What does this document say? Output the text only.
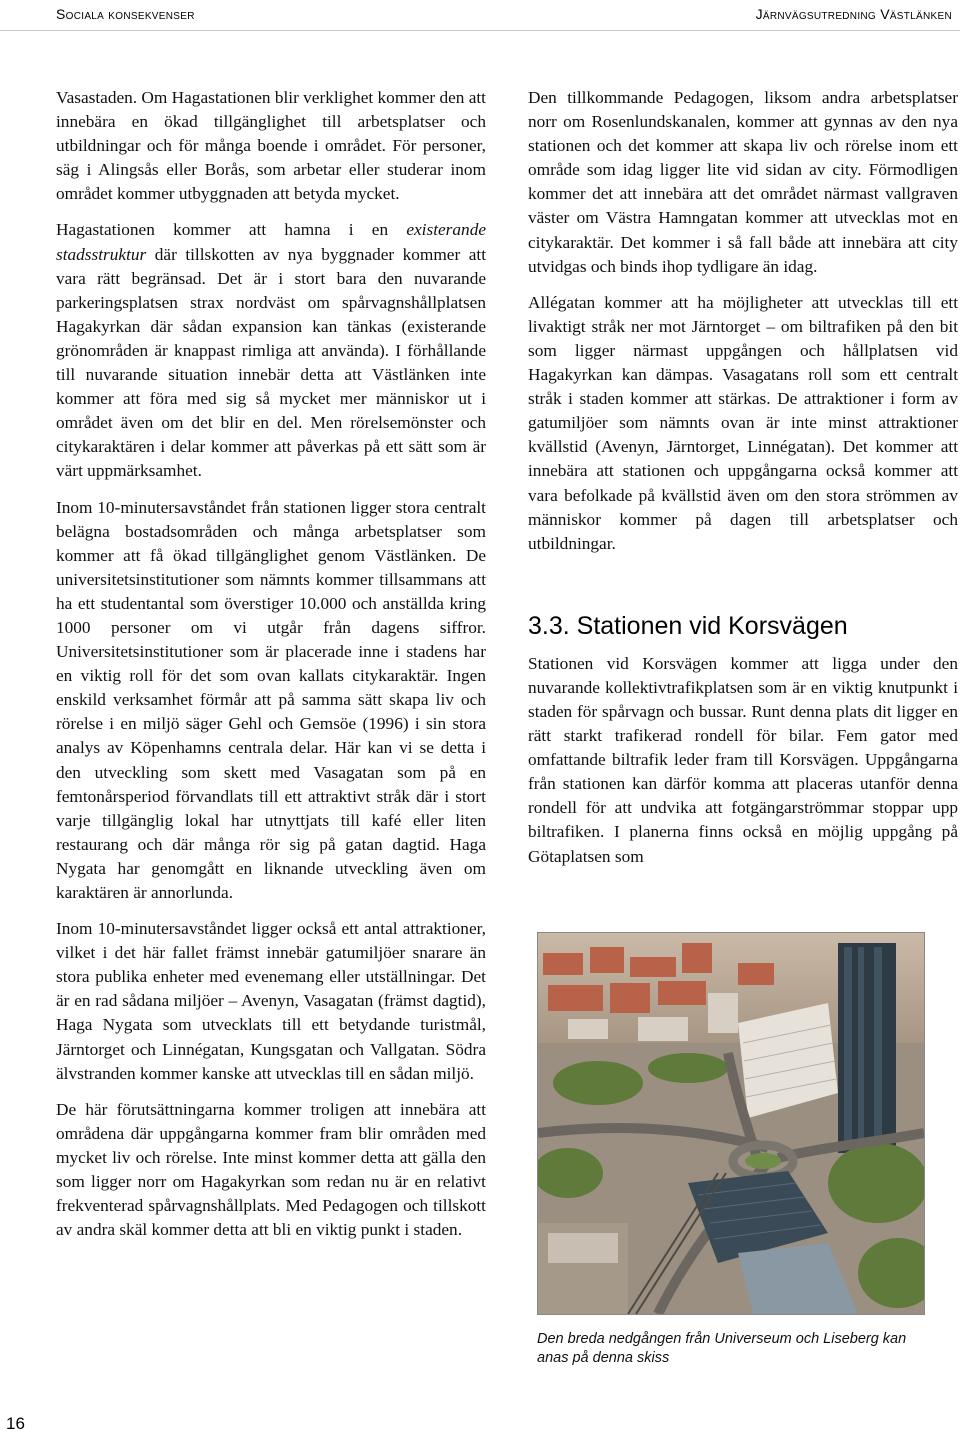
Sociala konsekvenser	Järnvägsutredning Västlänken

Vasastaden. Om Hagastationen blir verklighet kommer den att innebära en ökad tillgänglighet till arbetsplatser och utbildningar och för många boende i området. För personer, säg i Alingsås eller Borås, som arbetar eller studerar inom området kommer utbyggnaden att betyda mycket.

Hagastationen kommer att hamna i en existerande stadsstruktur där tillskotten av nya byggnader kommer att vara rätt begränsad. Det är i stort bara den nuvarande parkeringsplatsen strax nordväst om spårvagnshållplatsen Hagakyrkan där sådan expansion kan tänkas (existerande grönområden är knappast rimliga att använda). I förhållande till nuvarande situation innebär detta att Västlänken inte kommer att föra med sig så mycket mer människor ut i området även om det blir en del. Men rörelsemönster och citykaraktären i delar kommer att påverkas på ett sätt som är värt uppmärksamhet.

Inom 10-minutersavståndet från stationen ligger stora centralt belägna bostadsområden och många arbetsplatser som kommer att få ökad tillgänglighet genom Västlänken. De universitetsinstitutioner som nämnts kommer tillsammans att ha ett studentantal som överstiger 10.000 och anställda kring 1000 personer om vi utgår från dagens siffror. Universitetsinstitutioner som är placerade inne i stadens har en viktig roll för det som ovan kallats citykaraktär. Ingen enskild verksamhet förmår att på samma sätt skapa liv och rörelse i en miljö säger Gehl och Gemsöe (1996) i sin stora analys av Köpenhamns centrala delar. Här kan vi se detta i den utveckling som skett med Vasagatan som på en femtonårsperiod förvandlats till ett attraktivt stråk där i stort varje tillgänglig lokal har utnyttjats till kafé eller liten restaurang och där många rör sig på gatan dagtid. Haga Nygata har genomgått en liknande utveckling även om karaktären är annorlunda.

Inom 10-minutersavståndet ligger också ett antal attraktioner, vilket i det här fallet främst innebär gatumiljöer snarare än stora publika enheter med evenemang eller utställningar. Det är en rad sådana miljöer – Avenyn, Vasagatan (främst dagtid), Haga Nygata som utvecklats till ett betydande turistmål, Järntorget och Linnégatan, Kungsgatan och Vallgatan. Södra älvstranden kommer kanske att utvecklas till en sådan miljö.

De här förutsättningarna kommer troligen att innebära att områdena där uppgångarna kommer fram blir områden med mycket liv och rörelse. Inte minst kommer detta att gälla den som ligger norr om Hagakyrkan som redan nu är en relativt frekventerad spårvagnshållplats. Med Pedagogen och tillskott av andra skäl kommer detta att bli en viktig punkt i staden.

Den tillkommande Pedagogen, liksom andra arbetsplatser norr om Rosenlundskanalen, kommer att gynnas av den nya stationen och det kommer att skapa liv och rörelse inom ett område som idag ligger lite vid sidan av city. Förmodligen kommer det att innebära att det området närmast vallgraven väster om Västra Hamngatan kommer att utvecklas mot en citykaraktär. Det kommer i så fall både att innebära att city utvidgas och binds ihop tydligare än idag.

Allégatan kommer att ha möjligheter att utvecklas till ett livaktigt stråk ner mot Järntorget – om biltrafiken på den bit som ligger närmast uppgången och hållplatsen vid Hagakyrkan kan dämpas. Vasagatans roll som ett centralt stråk i staden kommer att stärkas. De attraktioner i form av gatumiljöer som nämnts ovan är inte minst attraktioner kvällstid (Avenyn, Järntorget, Linnégatan). Det kommer att innebära att stationen och uppgångarna också kommer att vara befolkade på kvällstid även om den stora strömmen av människor kommer på dagen till arbetsplatser och utbildningar.

3.3. Stationen vid Korsvägen

Stationen vid Korsvägen kommer att ligga under den nuvarande kollektivtrafikplatsen som är en viktig knutpunkt i staden för spårvagn och bussar. Runt denna plats dit ligger en rätt starkt trafikerad rondell för bilar. Fem gator med omfattande biltrafik leder fram till Korsvägen. Uppgångarna från stationen kan därför komma att placeras utanför denna rondell för att undvika att fotgängarströmmar stoppar upp biltrafiken. I planerna finns också en möjlig uppgång på Götaplatsen som

Den breda nedgången från Universeum och Liseberg kan anas på denna skiss
16
